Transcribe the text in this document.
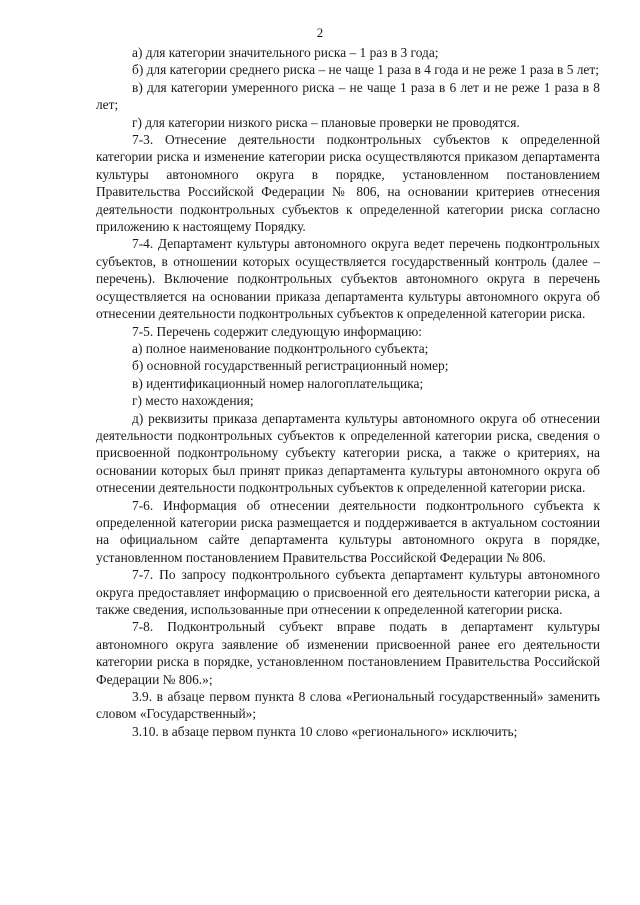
2

а) для категории значительного риска – 1 раз в 3 года;

б) для категории среднего риска – не чаще 1 раза в 4 года и не реже 1 раза в 5 лет;

в) для категории умеренного риска – не чаще 1 раза в 6 лет и не реже 1 раза в 8 лет;

г) для категории низкого риска – плановые проверки не проводятся.

7-3. Отнесение деятельности подконтрольных субъектов к определенной категории риска и изменение категории риска осуществляются приказом департамента культуры автономного округа в порядке, установленном постановлением Правительства Российской Федерации № 806, на основании критериев отнесения деятельности подконтрольных субъектов к определенной категории риска согласно приложению к настоящему Порядку.

7-4. Департамент культуры автономного округа ведет перечень подконтрольных субъектов, в отношении которых осуществляется государственный контроль (далее – перечень). Включение подконтрольных субъектов автономного округа в перечень осуществляется на основании приказа департамента культуры автономного округа об отнесении деятельности подконтрольных субъектов к определенной категории риска.

7-5. Перечень содержит следующую информацию:

а) полное наименование подконтрольного субъекта;

б) основной государственный регистрационный номер;

в) идентификационный номер налогоплательщика;

г) место нахождения;

д) реквизиты приказа департамента культуры автономного округа об отнесении деятельности подконтрольных субъектов к определенной категории риска, сведения о присвоенной подконтрольному субъекту категории риска, а также о критериях, на основании которых был принят приказ департамента культуры автономного округа об отнесении деятельности подконтрольных субъектов к определенной категории риска.

7-6. Информация об отнесении деятельности подконтрольного субъекта к определенной категории риска размещается и поддерживается в актуальном состоянии на официальном сайте департамента культуры автономного округа в порядке, установленном постановлением Правительства Российской Федерации № 806.

7-7. По запросу подконтрольного субъекта департамент культуры автономного округа предоставляет информацию о присвоенной его деятельности категории риска, а также сведения, использованные при отнесении к определенной категории риска.

7-8. Подконтрольный субъект вправе подать в департамент культуры автономного округа заявление об изменении присвоенной ранее его деятельности категории риска в порядке, установленном постановлением Правительства Российской Федерации № 806.»;

3.9. в абзаце первом пункта 8 слова «Региональный государственный» заменить словом «Государственный»;

3.10. в абзаце первом пункта 10 слово «регионального» исключить;
